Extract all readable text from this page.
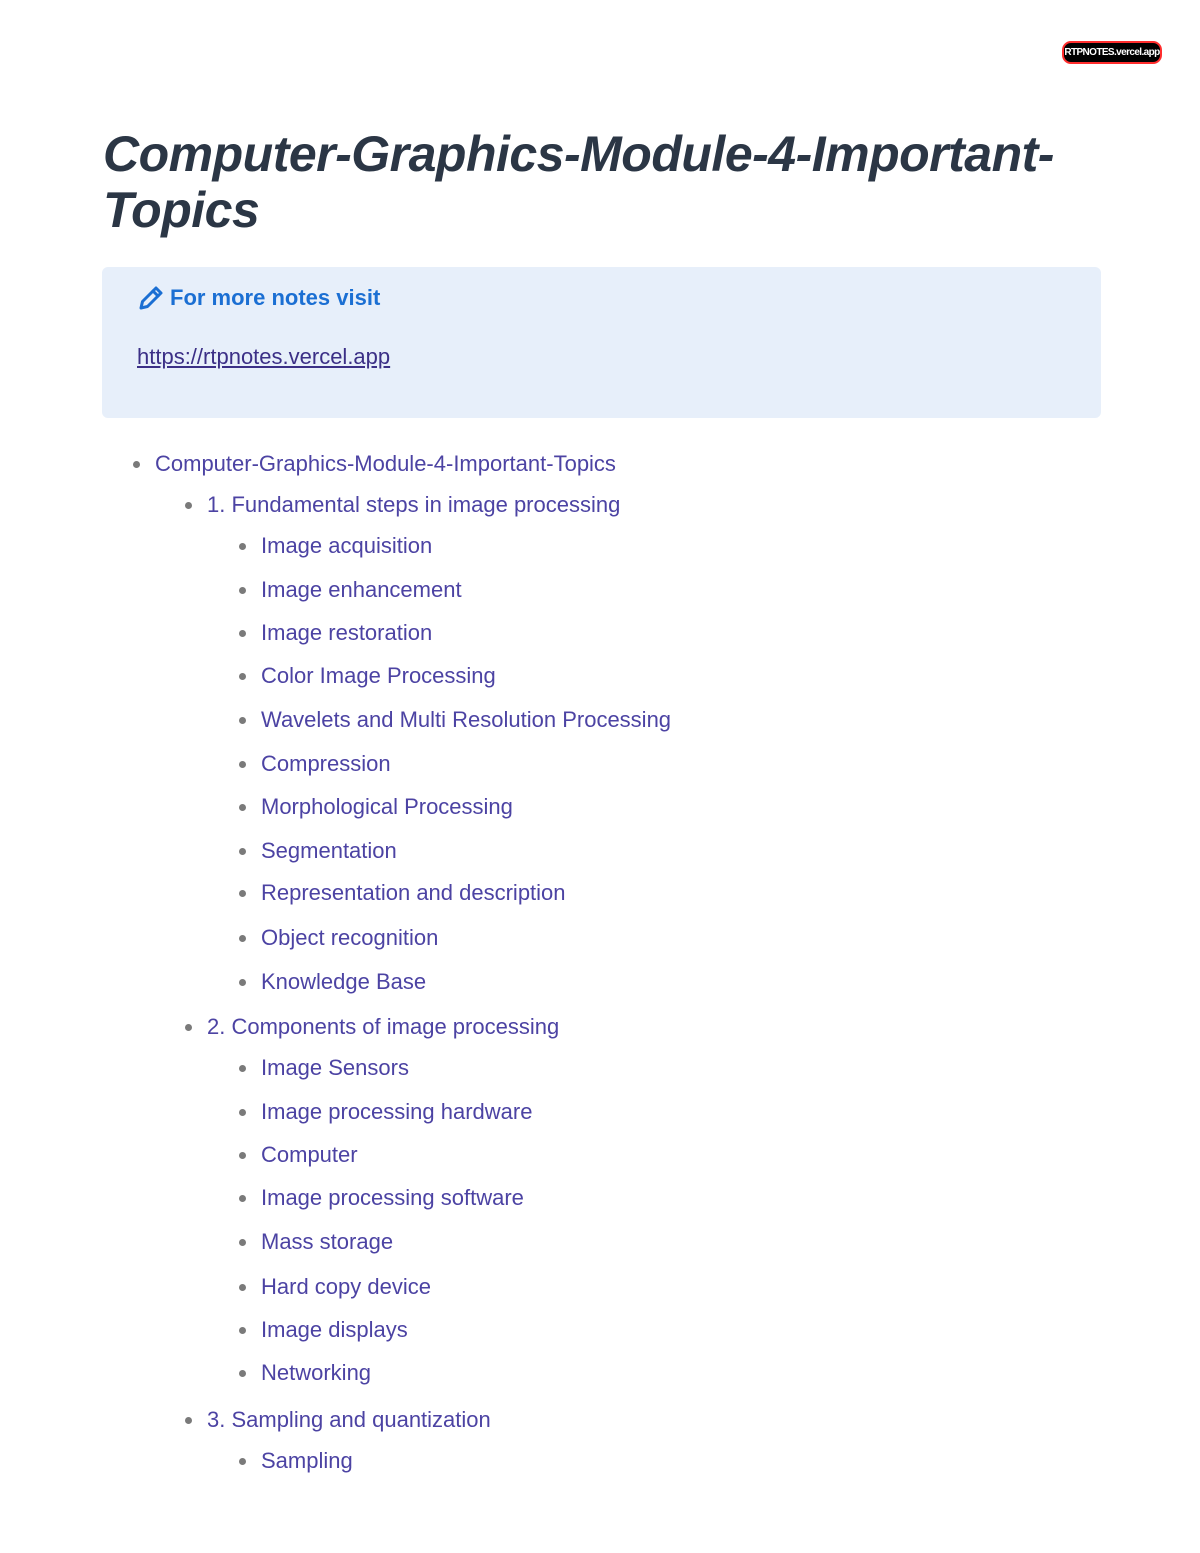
RTPNOTES.vercel.app
Computer-Graphics-Module-4-Important-Topics
For more notes visit
https://rtpnotes.vercel.app
Computer-Graphics-Module-4-Important-Topics
1. Fundamental steps in image processing
Image acquisition
Image enhancement
Image restoration
Color Image Processing
Wavelets and Multi Resolution Processing
Compression
Morphological Processing
Segmentation
Representation and description
Object recognition
Knowledge Base
2. Components of image processing
Image Sensors
Image processing hardware
Computer
Image processing software
Mass storage
Hard copy device
Image displays
Networking
3. Sampling and quantization
Sampling
